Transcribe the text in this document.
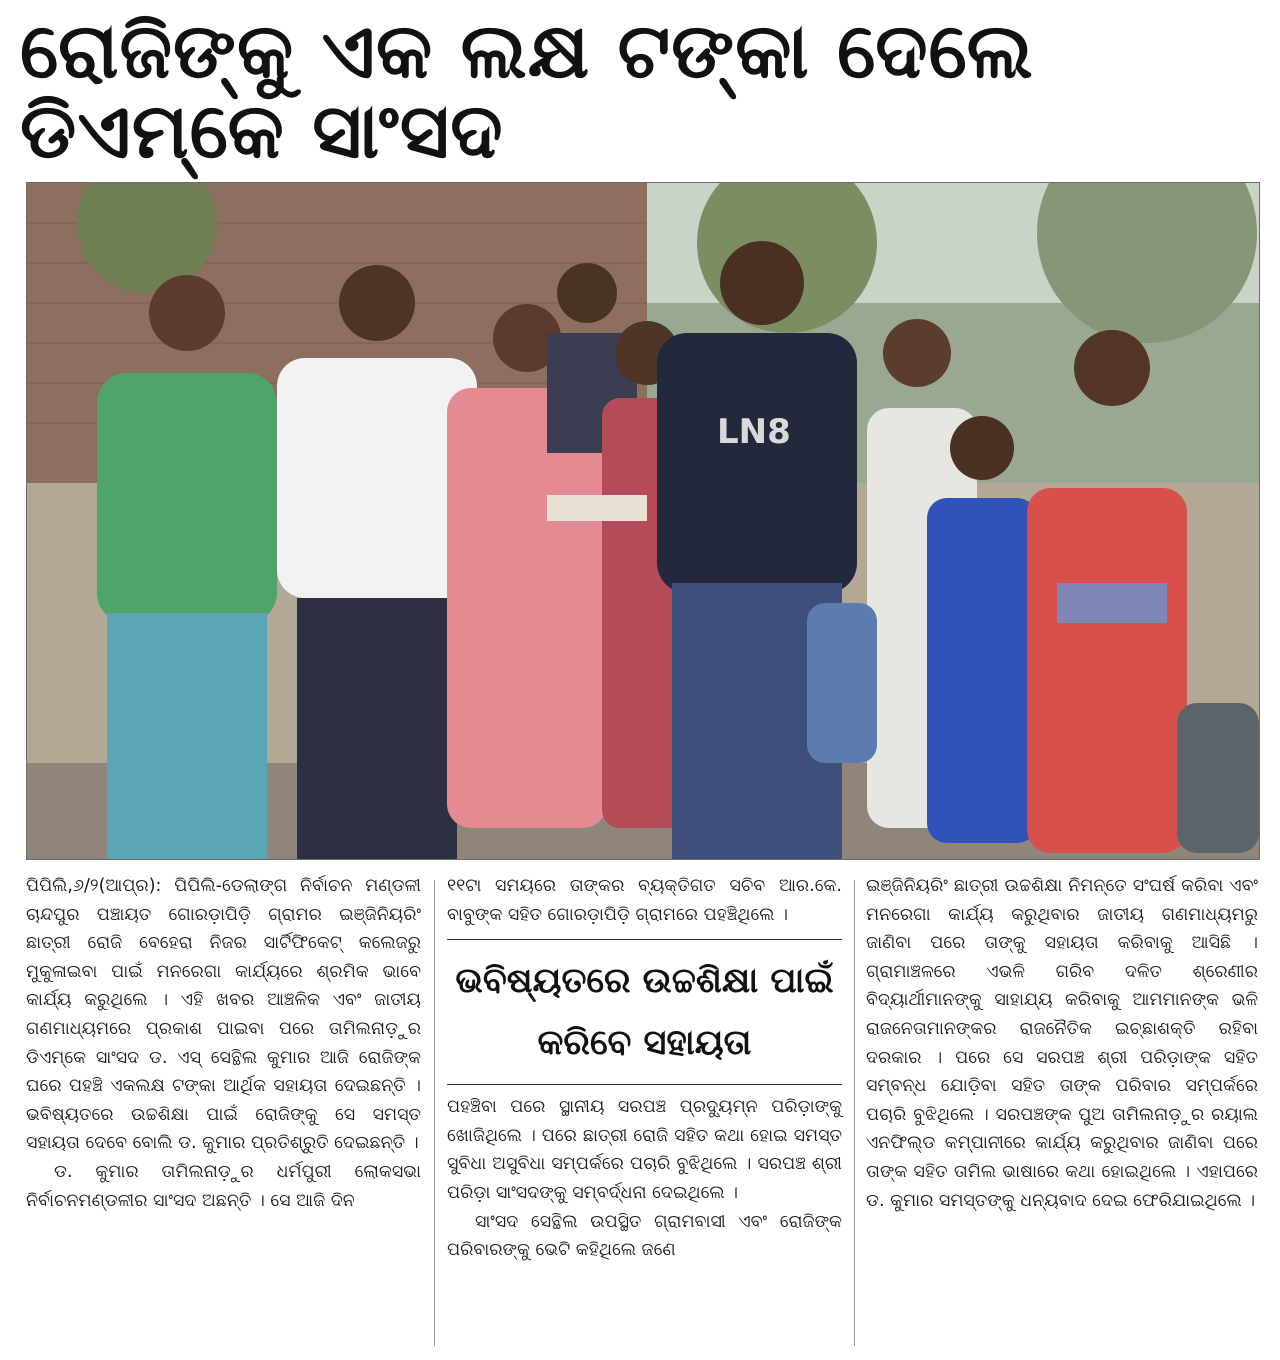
ରୋଜିଙ୍କୁ ଏକ ଲକ୍ଷ ଟଙ୍କା ଦେଲେ ଡିଏମ୍‌କେ ସାଂସଦ
LN8

ପିପିଲି,୬/୨(ଆପ୍ର): ପିପିଲି-ଡେଲାଙ୍ଗ ନିର୍ବାଚନ ମଣ୍ଡଳୀ ଚାନ୍ଦପୁର ପଞ୍ଚାୟତ ଗୋରଡ଼ାପିଡ଼ି ଗ୍ରାମର ଇଞ୍ଜିନିୟରିଂ ଛାତ୍ରୀ ରୋଜି ବେହେରା ନିଜର ସାର୍ଟିଫିକେଟ୍ କଲେଜରୁ ମୁକୁଳାଇବା ପାଇଁ ମନରେଗା କାର୍ଯ୍ୟରେ ଶ୍ରମିକ ଭାବେ କାର୍ଯ୍ୟ କରୁଥିଲେ । ଏହି ଖବର ଆଞ୍ଚଳିକ ଏବଂ ଜାତୀୟ ଗଣମାଧ୍ୟମରେ ପ୍ରକାଶ ପାଇବା ପରେ ତାମିଲନାଡ଼ୁର ଡିଏମ୍‌କେ ସାଂସଦ ଡ. ଏସ୍ ସେନ୍ଥିଲ କୁମାର ଆଜି ରୋଜିଙ୍କ ଘରେ ପହଞ୍ଚି ଏକଲକ୍ଷ ଟଙ୍କା ଆର୍ଥିକ ସହାୟତା ଦେଇଛନ୍ତି । ଭବିଷ୍ୟତରେ ଉଚ୍ଚଶିକ୍ଷା ପାଇଁ ରୋଜିଙ୍କୁ ସେ ସମସ୍ତ ସହାୟତା ଦେବେ ବୋଲି ଡ. କୁମାର ପ୍ରତିଶ୍ରୁତି ଦେଇଛନ୍ତି ।

ଡ. କୁମାର ତାମିଲନାଡ଼ୁର ଧର୍ମପୁରୀ ଲୋକସଭା ନିର୍ବାଚନମଣ୍ଡଳୀର ସାଂସଦ ଅଛନ୍ତି । ସେ ଆଜି ଦିନ

୧୧ଟା ସମୟରେ ତାଙ୍କର ବ୍ୟକ୍ତିଗତ ସଚିବ ଆର.କେ. ବାବୁଙ୍କ ସହିତ ଗୋରଡ଼ାପିଡ଼ି ଗ୍ରାମରେ ପହଞ୍ଚିଥିଲେ ।

ଭବିଷ୍ୟତରେ ଉଚ୍ଚଶିକ୍ଷା ପାଇଁ କରିବେ ସହାୟତା

ପହଞ୍ଚିବା ପରେ ସ୍ଥାନୀୟ ସରପଞ୍ଚ ପ୍ରଦ୍ୟୁମ୍ନ ପରିଡ଼ାଙ୍କୁ ଖୋଜିଥିଲେ । ପରେ ଛାତ୍ରୀ ରୋଜି ସହିତ କଥା ହୋଇ ସମସ୍ତ ସୁବିଧା ଅସୁବିଧା ସମ୍ପର୍କରେ ପଚାରି ବୁଝିଥିଲେ । ସରପଞ୍ଚ ଶ୍ରୀ ପରିଡ଼ା ସାଂସଦଙ୍କୁ ସମ୍ବର୍ଦ୍ଧନା ଦେଇଥିଲେ ।

ସାଂସଦ ସେନ୍ଥିଲ ଉପସ୍ଥିତ ଗ୍ରାମବାସୀ ଏବଂ ରୋଜିଙ୍କ ପରିବାରଙ୍କୁ ଭେଟି କହିଥିଲେ ଜଣେ

ଇଞ୍ଜିନିୟରିଂ ଛାତ୍ରୀ ଉଚ୍ଚଶିକ୍ଷା ନିମନ୍ତେ ସଂଘର୍ଷ କରିବା ଏବଂ ମନରେଗା କାର୍ଯ୍ୟ କରୁଥିବାର ଜାତୀୟ ଗଣମାଧ୍ୟମରୁ ଜାଣିବା ପରେ ତାଙ୍କୁ ସହାୟତା କରିବାକୁ ଆସିଛି । ଗ୍ରାମାଞ୍ଚଳରେ ଏଭଳି ଗରିବ ଦଳିତ ଶ୍ରେଣୀର ବିଦ୍ୟାର୍ଥୀମାନଙ୍କୁ ସାହାଯ୍ୟ କରିବାକୁ ଆମମାନଙ୍କ ଭଳି ରାଜନେତାମାନଙ୍କର ରାଜନୈତିକ ଇଚ୍ଛାଶକ୍ତି ରହିବା ଦରକାର । ପରେ ସେ ସରପଞ୍ଚ ଶ୍ରୀ ପରିଡ଼ାଙ୍କ ସହିତ ସମ୍ବନ୍ଧ ଯୋଡ଼ିବା ସହିତ ତାଙ୍କ ପରିବାର ସମ୍ପର୍କରେ ପଚାରି ବୁଝିଥିଲେ । ସରପଞ୍ଚଙ୍କ ପୁଅ ତାମିଲନାଡ଼ୁର ରୟାଲ ଏନଫିଲ୍ଡ କମ୍ପାନୀରେ କାର୍ଯ୍ୟ କରୁଥିବାର ଜାଣିବା ପରେ ତାଙ୍କ ସହିତ ତାମିଲ ଭାଷାରେ କଥା ହୋଇଥିଲେ । ଏହାପରେ ଡ. କୁମାର ସମସ୍ତଙ୍କୁ ଧନ୍ୟବାଦ ଦେଇ ଫେରିଯାଇଥିଲେ ।
